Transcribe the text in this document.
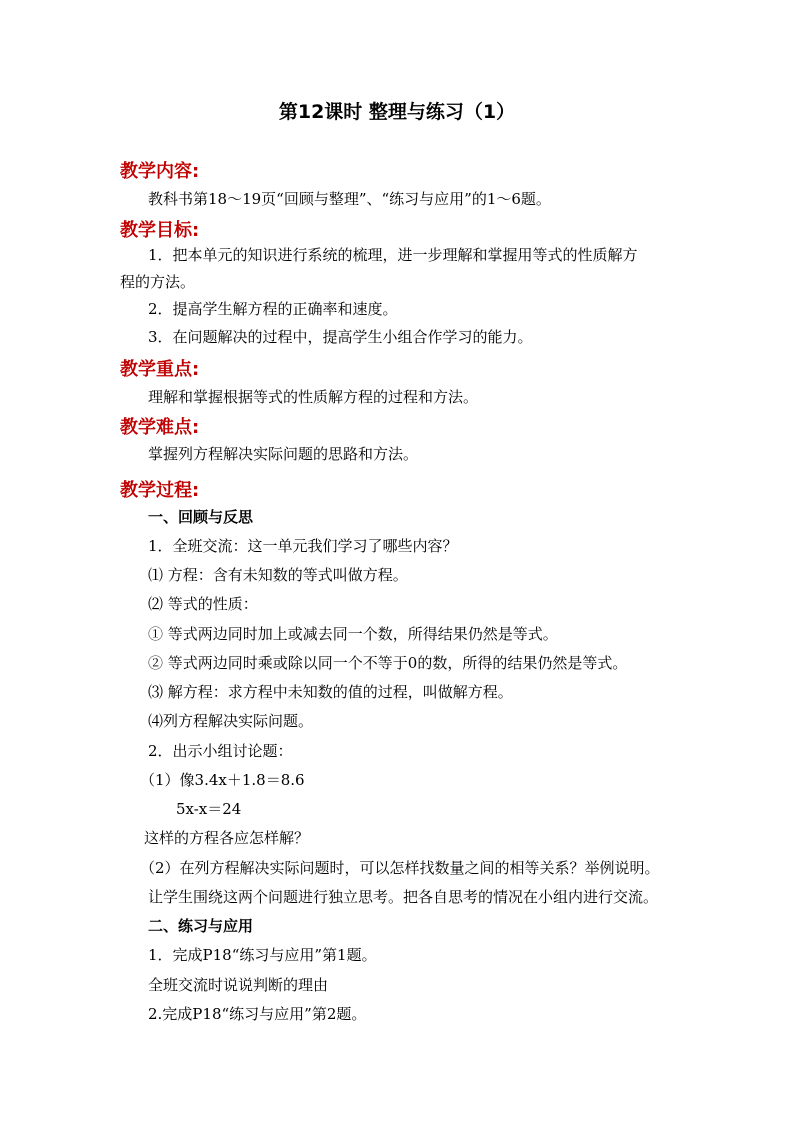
第12课时 整理与练习（1）
教学内容:
教科书第18～19页“回顾与整理”、“练习与应用”的1～6题。
教学目标:
1．把本单元的知识进行系统的梳理，进一步理解和掌握用等式的性质解方
程的方法。
2．提高学生解方程的正确率和速度。
3．在问题解决的过程中，提高学生小组合作学习的能力。
教学重点:
理解和掌握根据等式的性质解方程的过程和方法。
教学难点:
掌握列方程解决实际问题的思路和方法。
教学过程:
一、回顾与反思
1．全班交流：这一单元我们学习了哪些内容？
⑴ 方程：含有未知数的等式叫做方程。
⑵ 等式的性质：
① 等式两边同时加上或减去同一个数，所得结果仍然是等式。
② 等式两边同时乘或除以同一个不等于0的数，所得的结果仍然是等式。
⑶ 解方程：求方程中未知数的值的过程，叫做解方程。
⑷列方程解决实际问题。
2．出示小组讨论题：
（1）像3.4x＋1.8＝8.6
5x-x＝24
这样的方程各应怎样解？
（2）在列方程解决实际问题时，可以怎样找数量之间的相等关系？举例说明。
让学生围绕这两个问题进行独立思考。把各自思考的情况在小组内进行交流。
二、练习与应用
1．完成P18“练习与应用”第1题。
全班交流时说说判断的理由
2.完成P18“练习与应用”第2题。
